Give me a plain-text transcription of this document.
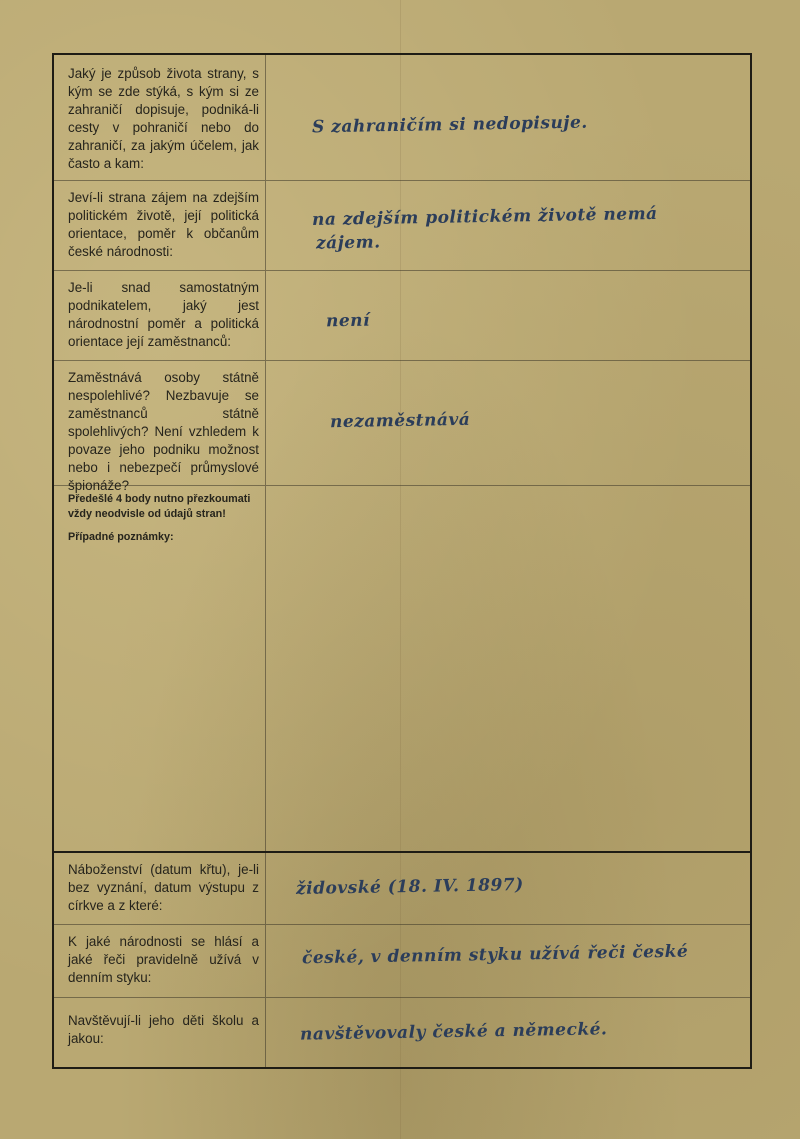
Jaký je způsob života strany, s kým se zde stýká, s kým si ze zahraničí dopisuje, podniká-li cesty v pohraničí nebo do zahraničí, za jakým účelem, jak často a kam:
S zahraničím si nedopisuje.
Jeví-li strana zájem na zdejším politickém životě, její politická orientace, poměr k občanům české národnosti:
na zdejším politickém životě nemá
zájem.
Je-li snad samostatným podnikatelem, jaký jest národnostní poměr a politická orientace její zaměstnanců:
není
Zaměstnává osoby státně nespolehlivé? Nezbavuje se zaměstnanců státně spolehlivých? Není vzhledem k povaze jeho podniku možnost nebo i nebezpečí průmyslové špionáže?
nezaměstnává
Předešlé 4 body nutno přezkoumati
vždy neodvisle od údajů stran!
Případné poznámky:
Náboženství (datum křtu), je-li bez vyznání, datum výstupu z církve a z které:
židovské (18. IV. 1897)
K jaké národnosti se hlásí a jaké řeči pravidelně užívá v denním styku:
české, v denním styku užívá řeči české
Navštěvují-li jeho děti školu a jakou:	navštěvovaly české a německé.
